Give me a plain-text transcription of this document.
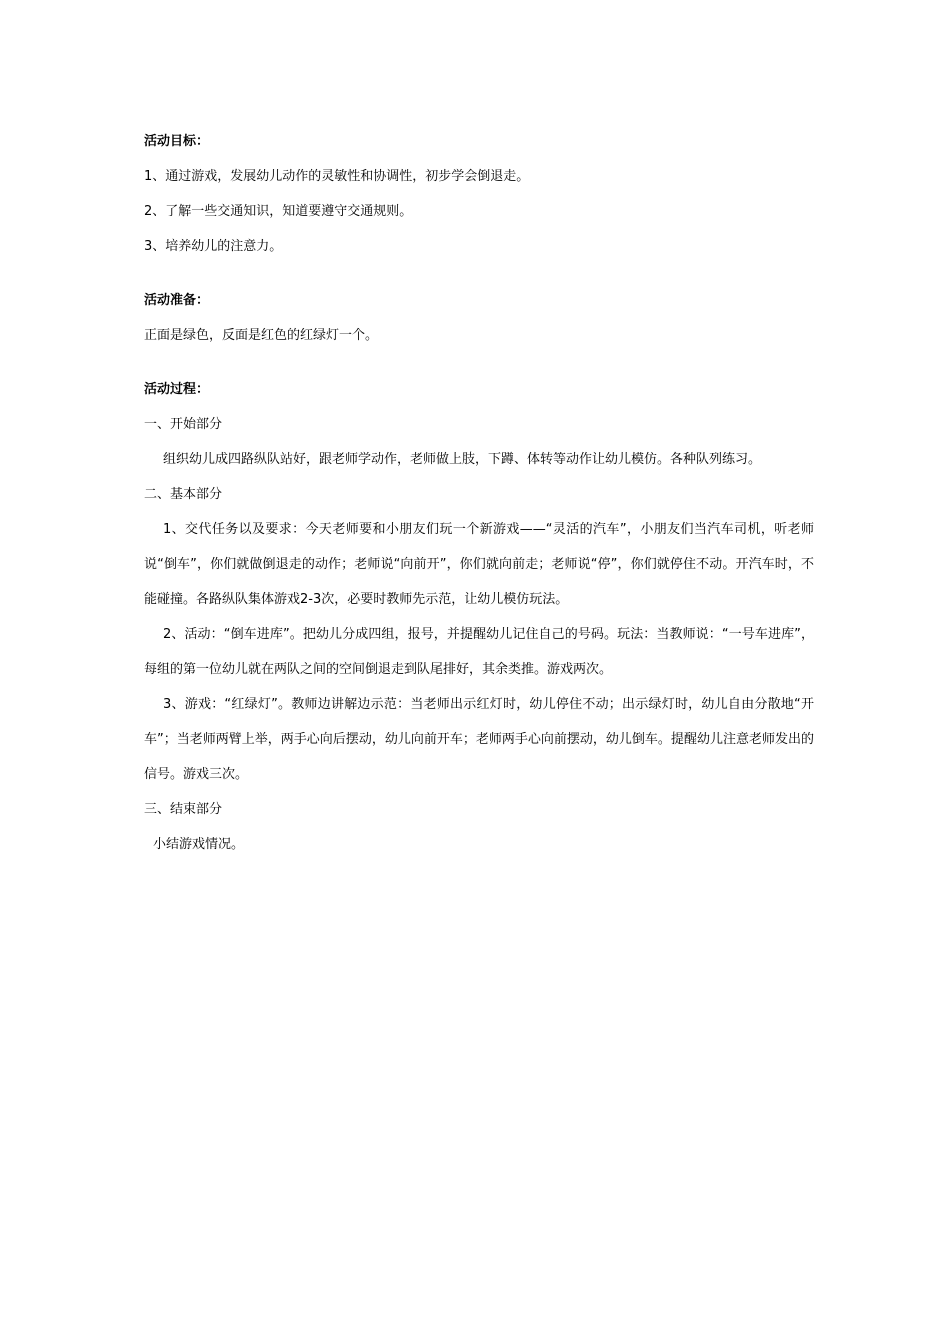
活动目标：
1、通过游戏，发展幼儿动作的灵敏性和协调性，初步学会倒退走。
2、了解一些交通知识，知道要遵守交通规则。
3、培养幼儿的注意力。
活动准备：
正面是绿色，反面是红色的红绿灯一个。
活动过程：
一、开始部分
组织幼儿成四路纵队站好，跟老师学动作，老师做上肢，下蹲、体转等动作让幼儿模仿。各种队列练习。
二、基本部分
1、交代任务以及要求：今天老师要和小朋友们玩一个新游戏——“灵活的汽车”，小朋友们当汽车司机，听老师说“倒车”，你们就做倒退走的动作；老师说“向前开”，你们就向前走；老师说“停”，你们就停住不动。开汽车时，不能碰撞。各路纵队集体游戏2-3次，必要时教师先示范，让幼儿模仿玩法。
2、活动：“倒车进库”。把幼儿分成四组，报号，并提醒幼儿记住自己的号码。玩法：当教师说：“一号车进库”，每组的第一位幼儿就在两队之间的空间倒退走到队尾排好，其余类推。游戏两次。
3、游戏：“红绿灯”。教师边讲解边示范：当老师出示红灯时，幼儿停住不动；出示绿灯时，幼儿自由分散地“开车”；当老师两臂上举，两手心向后摆动，幼儿向前开车；老师两手心向前摆动，幼儿倒车。提醒幼儿注意老师发出的信号。游戏三次。
三、结束部分
小结游戏情况。
